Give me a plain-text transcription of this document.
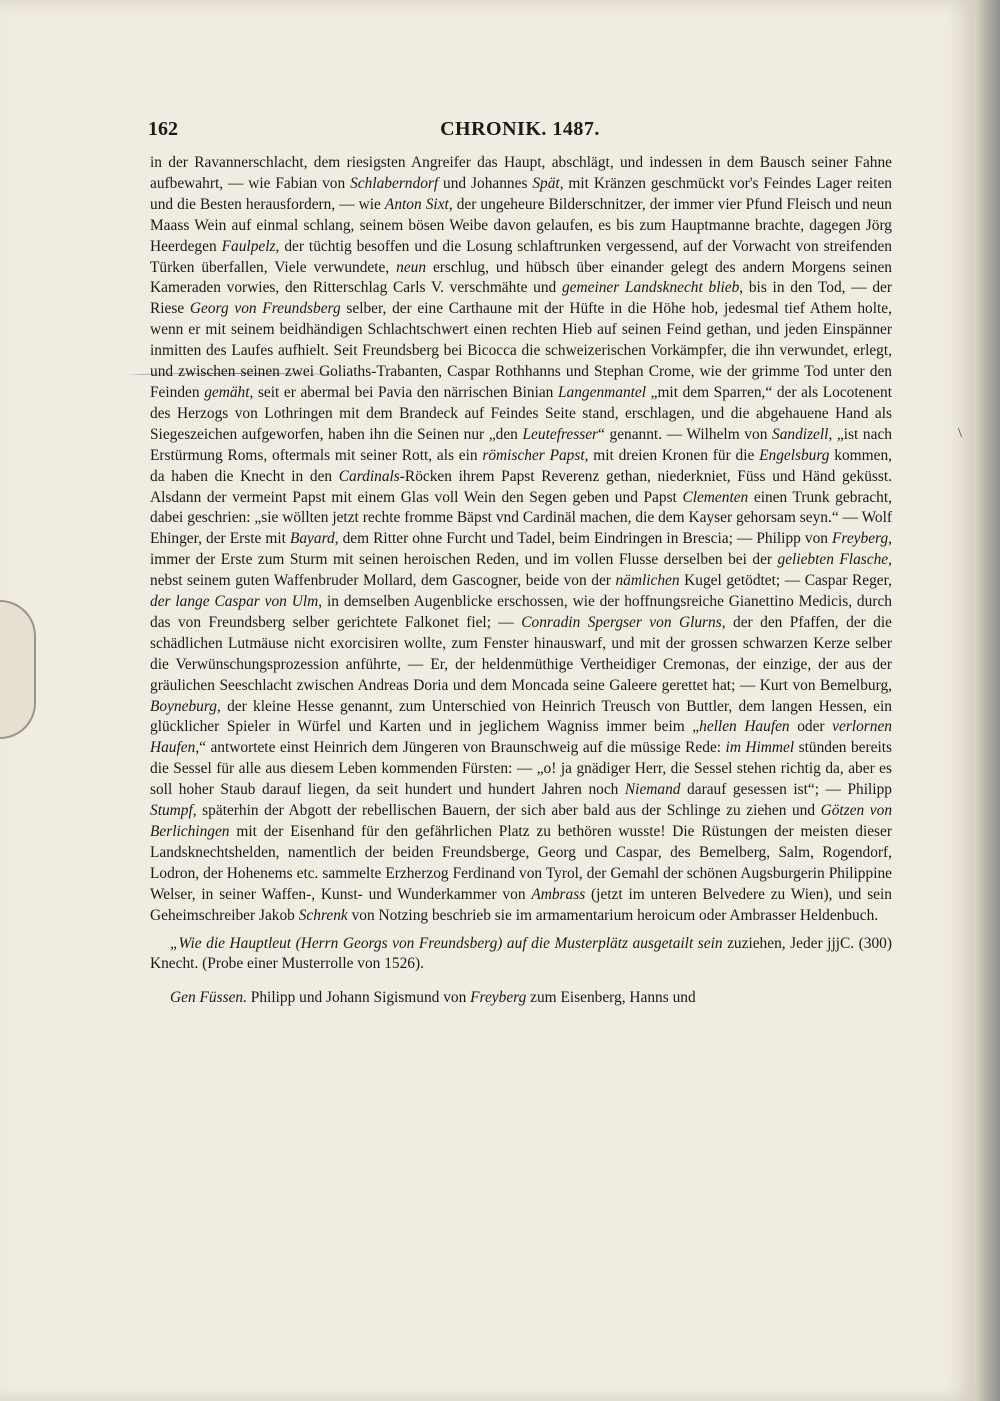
162	CHRONIK. 1487.

in der Ravannerschlacht, dem riesigsten Angreifer das Haupt, abschlägt, und indessen in dem Bausch seiner Fahne aufbewahrt, — wie Fabian von Schlaberndorf und Johannes Spät, mit Kränzen geschmückt vor's Feindes Lager reiten und die Besten herausfordern, — wie Anton Sixt, der ungeheure Bilderschnitzer, der immer vier Pfund Fleisch und neun Maass Wein auf einmal schlang, seinem bösen Weibe davon gelaufen, es bis zum Hauptmanne brachte, dagegen Jörg Heerdegen Faulpelz, der tüchtig besoffen und die Losung schlaftrunken vergessend, auf der Vorwacht von streifenden Türken überfallen, Viele verwundete, neun erschlug, und hübsch über einander gelegt des andern Morgens seinen Kameraden vorwies, den Ritterschlag Carls V. verschmähte und gemeiner Landsknecht blieb, bis in den Tod, — der Riese Georg von Freundsberg selber, der eine Carthaune mit der Hüfte in die Höhe hob, jedesmal tief Athem holte, wenn er mit seinem beidhändigen Schlachtschwert einen rechten Hieb auf seinen Feind gethan, und jeden Einspänner inmitten des Laufes aufhielt. Seit Freundsberg bei Bicocca die schweizerischen Vorkämpfer, die ihn verwundet, erlegt, und zwischen seinen zwei Goliaths-Trabanten, Caspar Rothhanns und Stephan Crome, wie der grimme Tod unter den Feinden gemäht, seit er abermal bei Pavia den närrischen Binian Langenmantel „mit dem Sparren,“ der als Locotenent des Herzogs von Lothringen mit dem Brandeck auf Feindes Seite stand, erschlagen, und die abgehauene Hand als Siegeszeichen aufgeworfen, haben ihn die Seinen nur „den Leutefresser“ genannt. — Wilhelm von Sandizell, „ist nach Erstürmung Roms, oftermals mit seiner Rott, als ein römischer Papst, mit dreien Kronen für die Engelsburg kommen, da haben die Knecht in den Cardinals-Röcken ihrem Papst Reverenz gethan, niederkniet, Füss und Händ geküsst. Alsdann der vermeint Papst mit einem Glas voll Wein den Segen geben und Papst Clementen einen Trunk gebracht, dabei geschrien: „sie wöllten jetzt rechte fromme Bäpst vnd Cardinäl machen, die dem Kayser gehorsam seyn.“ — Wolf Ehinger, der Erste mit Bayard, dem Ritter ohne Furcht und Tadel, beim Eindringen in Brescia; — Philipp von Freyberg, immer der Erste zum Sturm mit seinen heroischen Reden, und im vollen Flusse derselben bei der geliebten Flasche, nebst seinem guten Waffenbruder Mollard, dem Gascogner, beide von der nämlichen Kugel getödtet; — Caspar Reger, der lange Caspar von Ulm, in demselben Augenblicke erschossen, wie der hoffnungsreiche Gianettino Medicis, durch das von Freundsberg selber gerichtete Falkonet fiel; — Conradin Spergser von Glurns, der den Pfaffen, der die schädlichen Lutmäuse nicht exorcisiren wollte, zum Fenster hinauswarf, und mit der grossen schwarzen Kerze selber die Verwünschungsprozession anführte, — Er, der heldenmüthige Vertheidiger Cremonas, der einzige, der aus der gräulichen Seeschlacht zwischen Andreas Doria und dem Moncada seine Galeere gerettet hat; — Kurt von Bemelburg, Boyneburg, der kleine Hesse genannt, zum Unterschied von Heinrich Treusch von Buttler, dem langen Hessen, ein glücklicher Spieler in Würfel und Karten und in jeglichem Wagniss immer beim „hellen Haufen oder verlornen Haufen,“ antwortete einst Heinrich dem Jüngeren von Braunschweig auf die müssige Rede: im Himmel stünden bereits die Sessel für alle aus diesem Leben kommenden Fürsten: — „o! ja gnädiger Herr, die Sessel stehen richtig da, aber es soll hoher Staub darauf liegen, da seit hundert und hundert Jahren noch Niemand darauf gesessen ist“; — Philipp Stumpf, späterhin der Abgott der rebellischen Bauern, der sich aber bald aus der Schlinge zu ziehen und Götzen von Berlichingen mit der Eisenhand für den gefährlichen Platz zu bethören wusste! Die Rüstungen der meisten dieser Landsknechtshelden, namentlich der beiden Freundsberge, Georg und Caspar, des Bemelberg, Salm, Rogendorf, Lodron, der Hohenems etc. sammelte Erzherzog Ferdinand von Tyrol, der Gemahl der schönen Augsburgerin Philippine Welser, in seiner Waffen-, Kunst- und Wunderkammer von Ambrass (jetzt im unteren Belvedere zu Wien), und sein Geheimschreiber Jakob Schrenk von Notzing beschrieb sie im armamentarium heroicum oder Ambrasser Heldenbuch.

„Wie die Hauptleut (Herrn Georgs von Freundsberg) auf die Musterplätz ausgetailt sein zuziehen, Jeder jjjC. (300) Knecht. (Probe einer Musterrolle von 1526).

Gen Füssen. Philipp und Johann Sigismund von Freyberg zum Eisenberg, Hanns und

\
